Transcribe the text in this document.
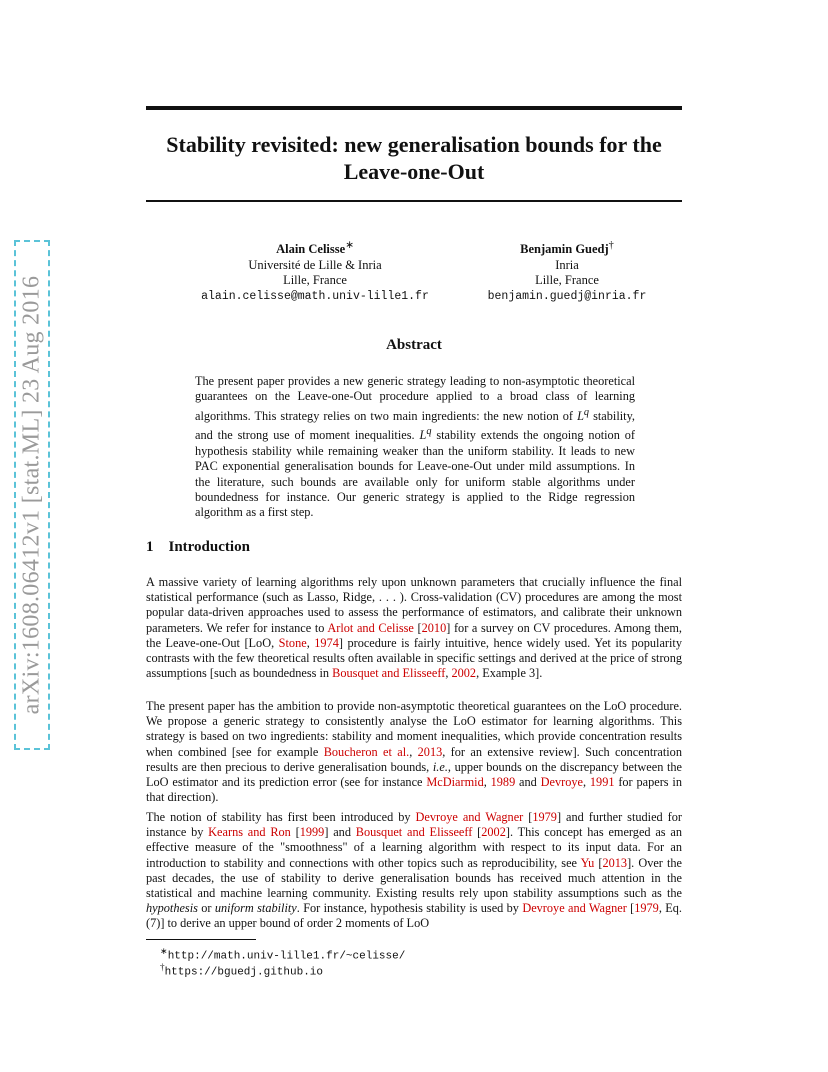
arXiv:1608.06412v1 [stat.ML] 23 Aug 2016
Stability revisited: new generalisation bounds for the
Leave-one-Out
Alain Celisse∗
Université de Lille & Inria
Lille, France
alain.celisse@math.univ-lille1.fr
Benjamin Guedj†
Inria
Lille, France
benjamin.guedj@inria.fr
Abstract
The present paper provides a new generic strategy leading to non-asymptotic theoretical guarantees on the Leave-one-Out procedure applied to a broad class of learning algorithms. This strategy relies on two main ingredients: the new notion of $L^q$ stability, and the strong use of moment inequalities. $L^q$ stability extends the ongoing notion of hypothesis stability while remaining weaker than the uniform stability. It leads to new PAC exponential generalisation bounds for Leave-one-Out under mild assumptions. In the literature, such bounds are available only for uniform stable algorithms under boundedness for instance. Our generic strategy is applied to the Ridge regression algorithm as a first step.
1 Introduction

A massive variety of learning algorithms rely upon unknown parameters that crucially influence the final statistical performance (such as Lasso, Ridge, . . . ). Cross-validation (CV) procedures are among the most popular data-driven approaches used to assess the performance of estimators, and calibrate their unknown parameters. We refer for instance to Arlot and Celisse [2010] for a survey on CV procedures. Among them, the Leave-one-Out [LoO, Stone, 1974] procedure is fairly intuitive, hence widely used. Yet its popularity contrasts with the few theoretical results often available in specific settings and derived at the price of strong assumptions [such as boundedness in Bousquet and Elisseeff, 2002, Example 3].

The present paper has the ambition to provide non-asymptotic theoretical guarantees on the LoO procedure. We propose a generic strategy to consistently analyse the LoO estimator for learning algorithms. This strategy is based on two ingredients: stability and moment inequalities, which provide concentration results when combined [see for example Boucheron et al., 2013, for an extensive review]. Such concentration results are then precious to derive generalisation bounds, i.e., upper bounds on the discrepancy between the LoO estimator and its prediction error (see for instance McDiarmid, 1989 and Devroye, 1991 for papers in that direction).

The notion of stability has first been introduced by Devroye and Wagner [1979] and further studied for instance by Kearns and Ron [1999] and Bousquet and Elisseeff [2002]. This concept has emerged as an effective measure of the "smoothness" of a learning algorithm with respect to its input data. For an introduction to stability and connections with other topics such as reproducibility, see Yu [2013]. Over the past decades, the use of stability to derive generalisation bounds has received much attention in the statistical and machine learning community. Existing results rely upon stability assumptions such as the hypothesis or uniform stability. For instance, hypothesis stability is used by Devroye and Wagner [1979, Eq. (7)] to derive an upper bound of order 2 moments of LoO

∗http://math.univ-lille1.fr/~celisse/
†https://bguedj.github.io
